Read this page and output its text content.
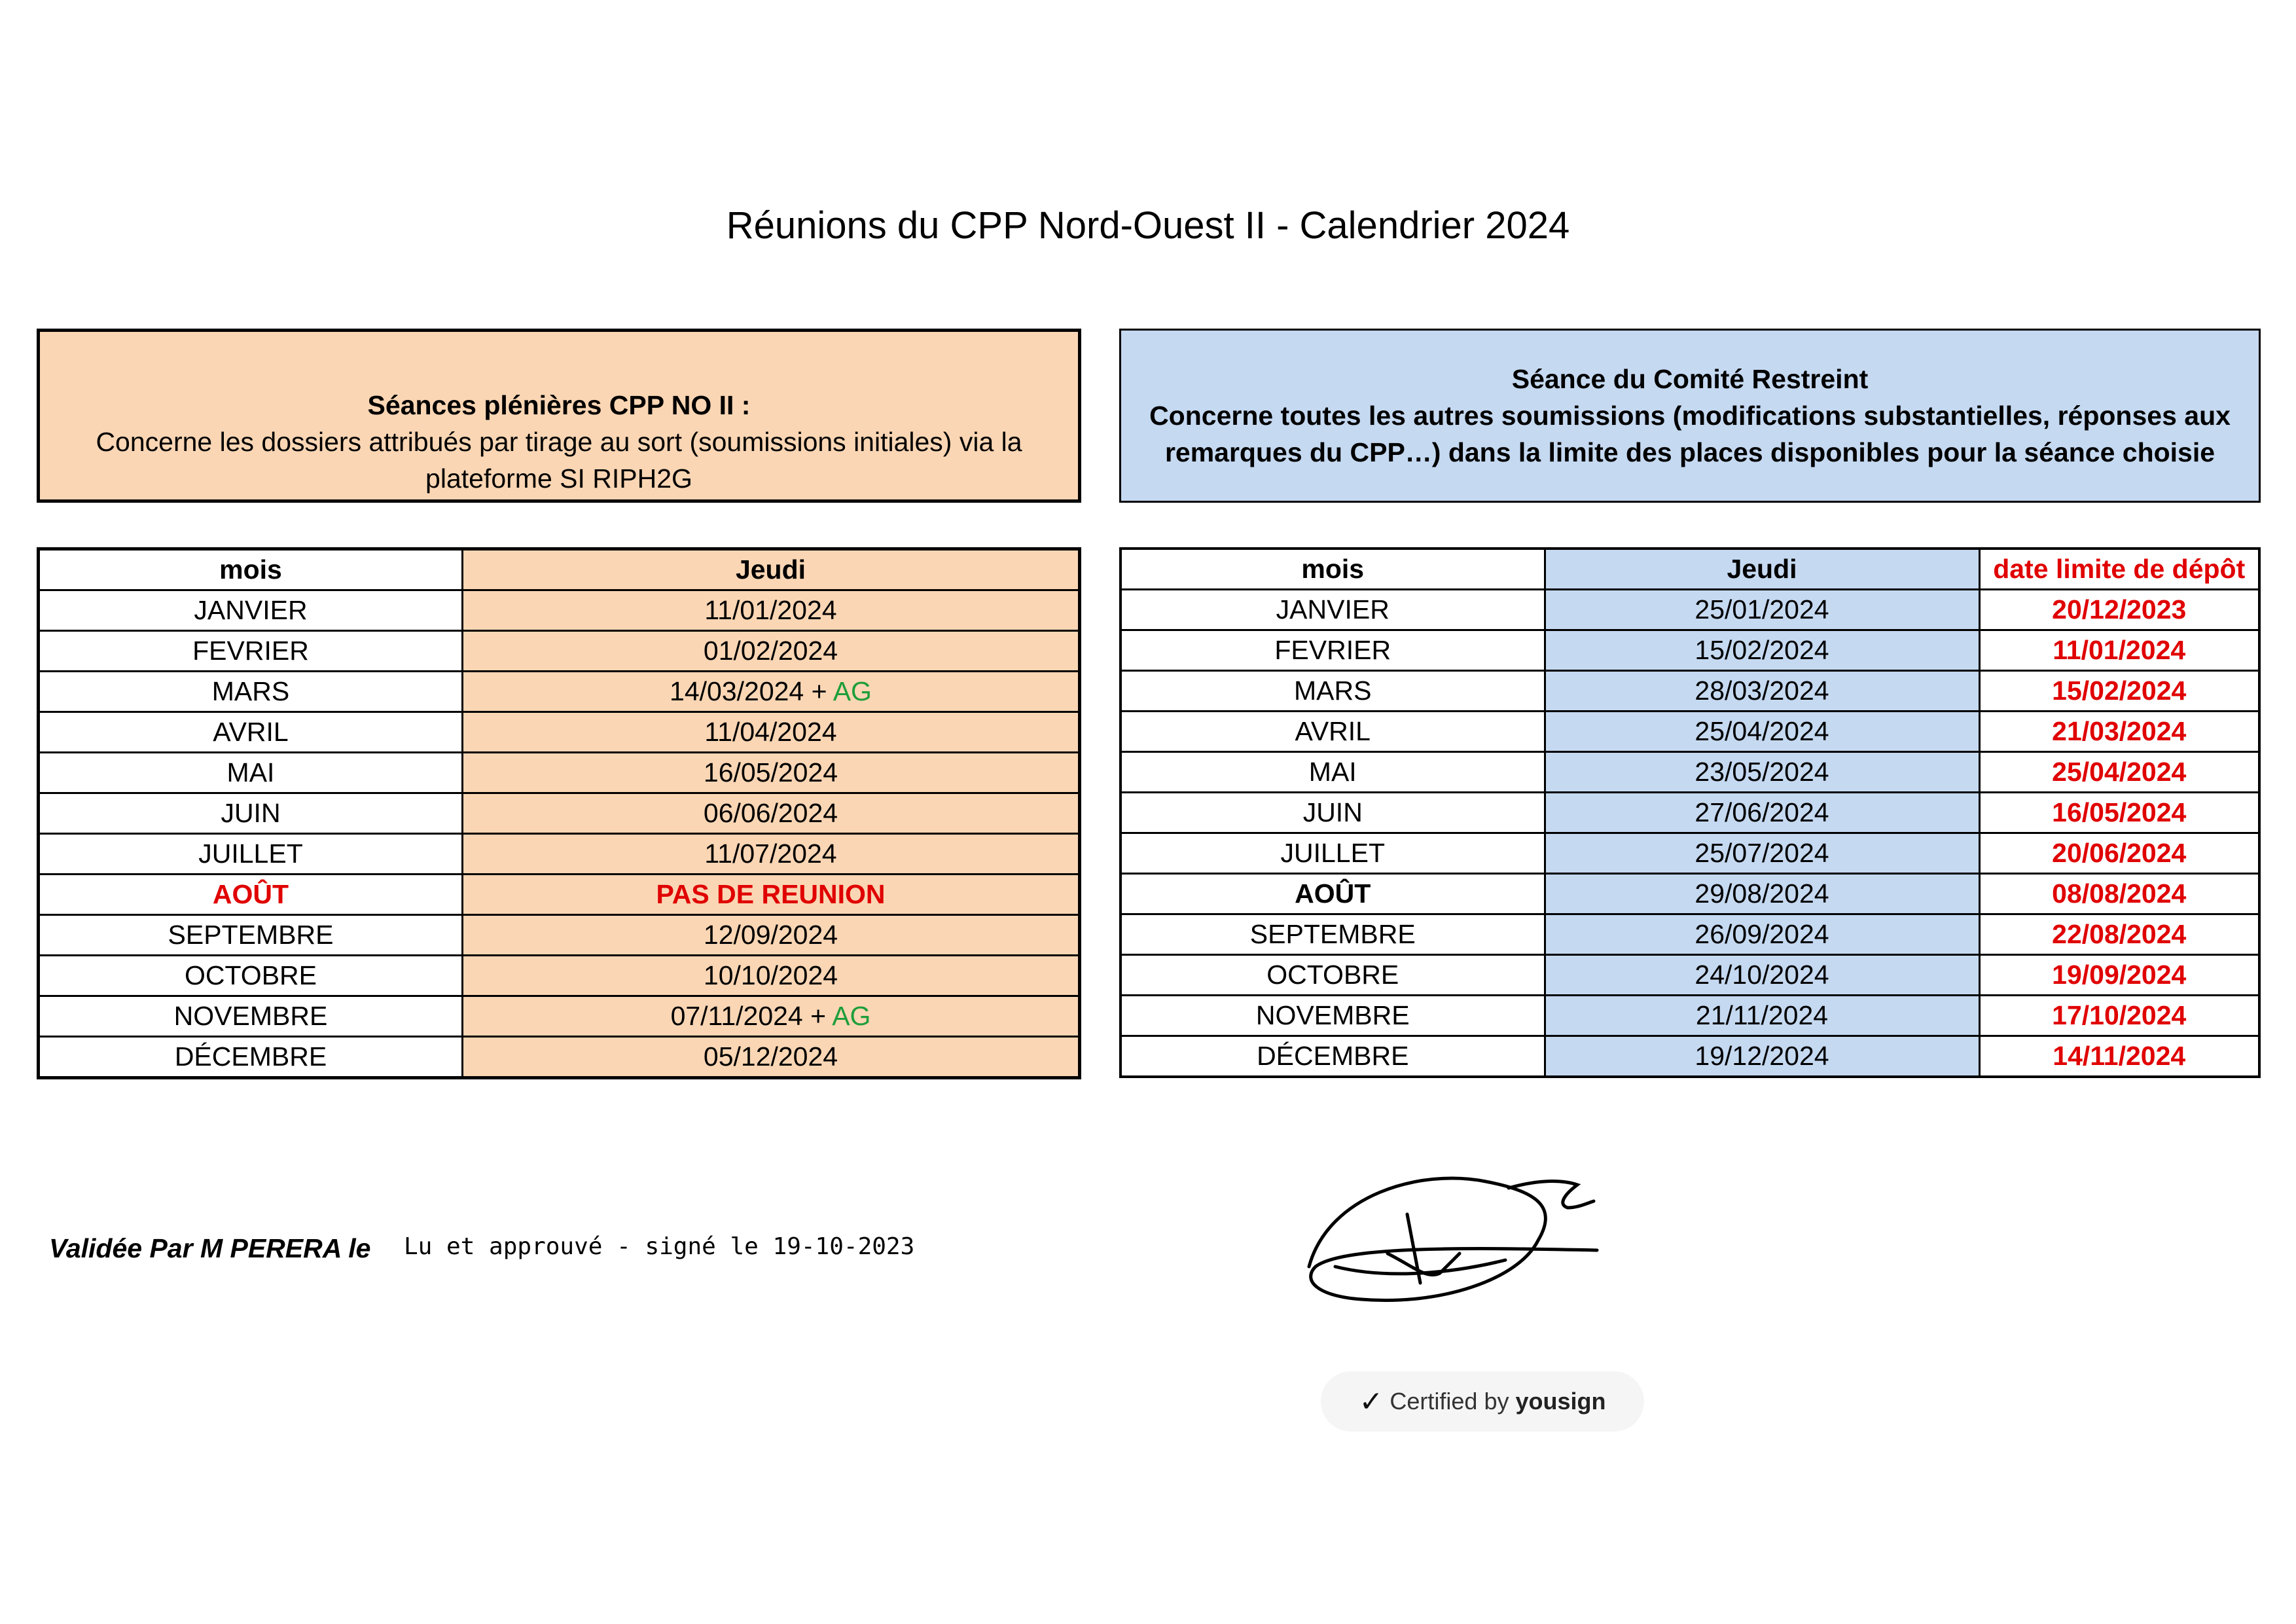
Réunions du CPP Nord-Ouest II - Calendrier 2024
Séances plénières CPP NO II :
Concerne les dossiers attribués par tirage au sort (soumissions initiales) via la
plateforme SI RIPH2G
Séance du Comité Restreint
Concerne toutes les autres soumissions (modifications substantielles, réponses aux
remarques du CPP…) dans la limite des places disponibles pour la séance choisie
mois	Jeudi
JANVIER	11/01/2024
FEVRIER	01/02/2024
MARS	14/03/2024 + AG
AVRIL	11/04/2024
MAI	16/05/2024
JUIN	06/06/2024
JUILLET	11/07/2024
AOÛT	PAS DE REUNION
SEPTEMBRE	12/09/2024
OCTOBRE	10/10/2024
NOVEMBRE	07/11/2024 + AG
DÉCEMBRE	05/12/2024
mois	Jeudi	date limite de dépôt
JANVIER	25/01/2024	20/12/2023
FEVRIER	15/02/2024	11/01/2024
MARS	28/03/2024	15/02/2024
AVRIL	25/04/2024	21/03/2024
MAI	23/05/2024	25/04/2024
JUIN	27/06/2024	16/05/2024
JUILLET	25/07/2024	20/06/2024
AOÛT	29/08/2024	08/08/2024
SEPTEMBRE	26/09/2024	22/08/2024
OCTOBRE	24/10/2024	19/09/2024
NOVEMBRE	21/11/2024	17/10/2024
DÉCEMBRE	19/12/2024	14/11/2024
Validée Par M PERERA le Lu et approuvé - signé le 19-10-2023
✓ Certified by yousign
